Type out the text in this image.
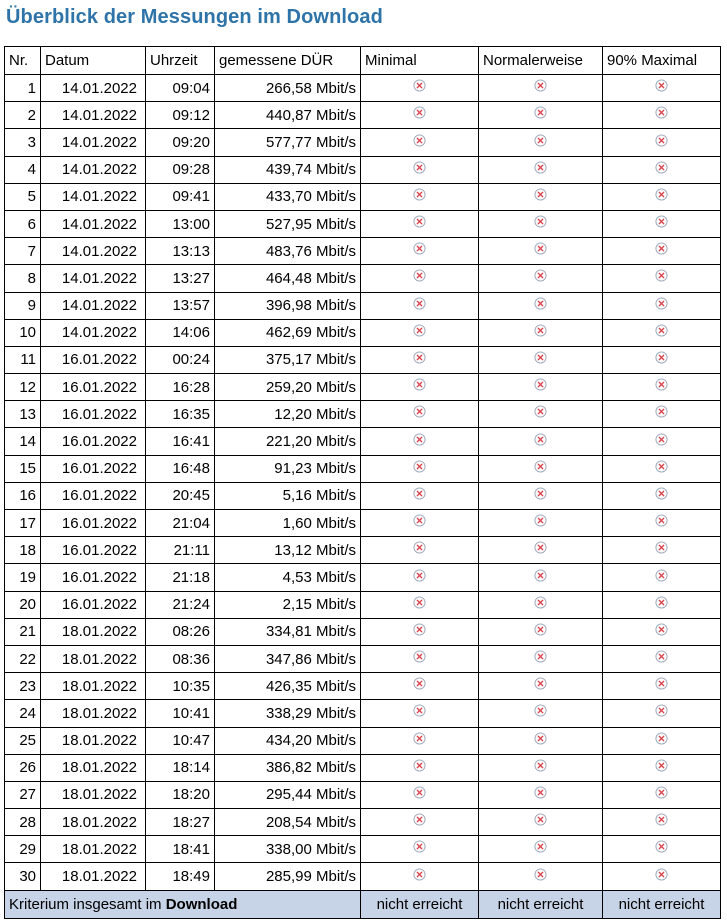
Überblick der Messungen im Download
Nr.	Datum	Uhrzeit	gemessene DÜR	Minimal	Normalerweise	90% Maximal
1	14.01.2022	09:04	266,58 Mbit/s			
2	14.01.2022	09:12	440,87 Mbit/s			
3	14.01.2022	09:20	577,77 Mbit/s			
4	14.01.2022	09:28	439,74 Mbit/s			
5	14.01.2022	09:41	433,70 Mbit/s			
6	14.01.2022	13:00	527,95 Mbit/s			
7	14.01.2022	13:13	483,76 Mbit/s			
8	14.01.2022	13:27	464,48 Mbit/s			
9	14.01.2022	13:57	396,98 Mbit/s			
10	14.01.2022	14:06	462,69 Mbit/s			
11	16.01.2022	00:24	375,17 Mbit/s			
12	16.01.2022	16:28	259,20 Mbit/s			
13	16.01.2022	16:35	12,20 Mbit/s			
14	16.01.2022	16:41	221,20 Mbit/s			
15	16.01.2022	16:48	91,23 Mbit/s			
16	16.01.2022	20:45	5,16 Mbit/s			
17	16.01.2022	21:04	1,60 Mbit/s			
18	16.01.2022	21:11	13,12 Mbit/s			
19	16.01.2022	21:18	4,53 Mbit/s			
20	16.01.2022	21:24	2,15 Mbit/s			
21	18.01.2022	08:26	334,81 Mbit/s			
22	18.01.2022	08:36	347,86 Mbit/s			
23	18.01.2022	10:35	426,35 Mbit/s			
24	18.01.2022	10:41	338,29 Mbit/s			
25	18.01.2022	10:47	434,20 Mbit/s			
26	18.01.2022	18:14	386,82 Mbit/s			
27	18.01.2022	18:20	295,44 Mbit/s			
28	18.01.2022	18:27	208,54 Mbit/s			
29	18.01.2022	18:41	338,00 Mbit/s			
30	18.01.2022	18:49	285,99 Mbit/s			
Kriterium insgesamt im Download				nicht erreicht	nicht erreicht	nicht erreicht
